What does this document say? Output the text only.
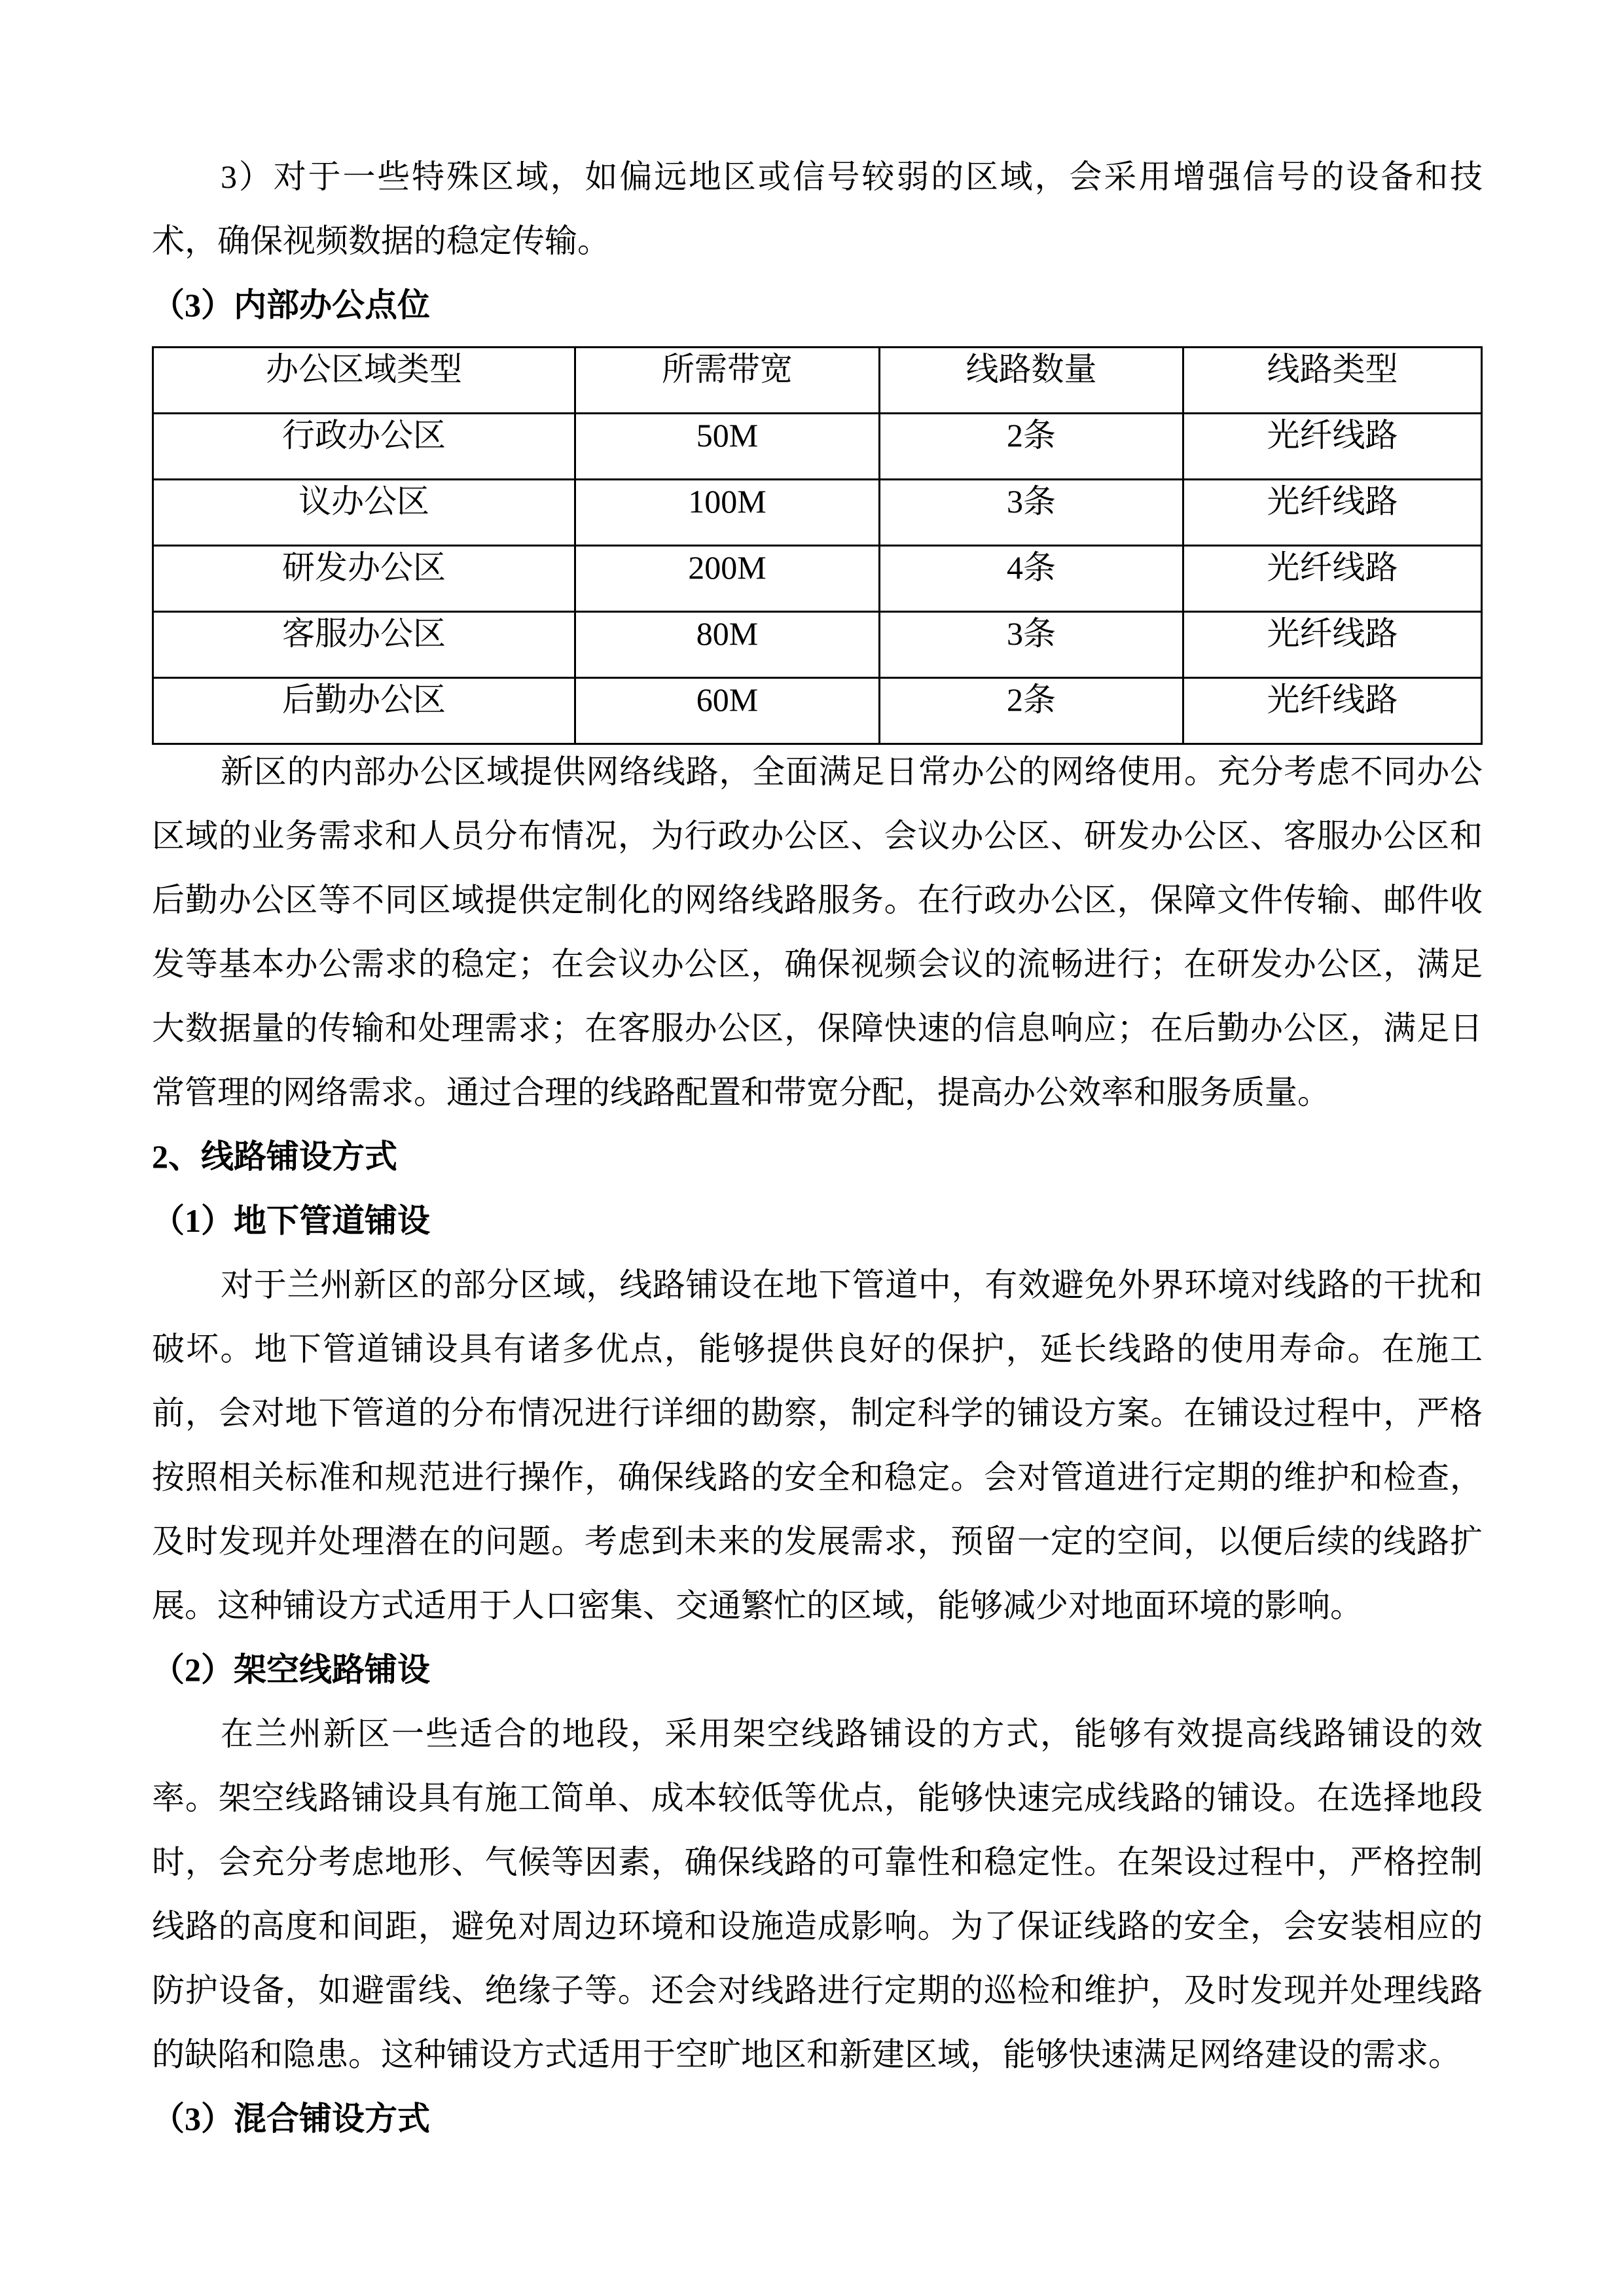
3）对于一些特殊区域，如偏远地区或信号较弱的区域，会采用增强信号的设备和技
术，确保视频数据的稳定传输。
（3）内部办公点位
办公区域类型	所需带宽	线路数量	线路类型
行政办公区	50M	2条	光纤线路
议办公区	100M	3条	光纤线路
研发办公区	200M	4条	光纤线路
客服办公区	80M	3条	光纤线路
后勤办公区	60M	2条	光纤线路
新区的内部办公区域提供网络线路，全面满足日常办公的网络使用。充分考虑不同办公
区域的业务需求和人员分布情况，为行政办公区、会议办公区、研发办公区、客服办公区和
后勤办公区等不同区域提供定制化的网络线路服务。在行政办公区，保障文件传输、邮件收
发等基本办公需求的稳定；在会议办公区，确保视频会议的流畅进行；在研发办公区，满足
大数据量的传输和处理需求；在客服办公区，保障快速的信息响应；在后勤办公区，满足日
常管理的网络需求。通过合理的线路配置和带宽分配，提高办公效率和服务质量。
2、线路铺设方式
（1）地下管道铺设
对于兰州新区的部分区域，线路铺设在地下管道中，有效避免外界环境对线路的干扰和
破坏。地下管道铺设具有诸多优点，能够提供良好的保护，延长线路的使用寿命。在施工
前，会对地下管道的分布情况进行详细的勘察，制定科学的铺设方案。在铺设过程中，严格
按照相关标准和规范进行操作，确保线路的安全和稳定。会对管道进行定期的维护和检查，
及时发现并处理潜在的问题。考虑到未来的发展需求，预留一定的空间，以便后续的线路扩
展。这种铺设方式适用于人口密集、交通繁忙的区域，能够减少对地面环境的影响。
（2）架空线路铺设
在兰州新区一些适合的地段，采用架空线路铺设的方式，能够有效提高线路铺设的效
率。架空线路铺设具有施工简单、成本较低等优点，能够快速完成线路的铺设。在选择地段
时，会充分考虑地形、气候等因素，确保线路的可靠性和稳定性。在架设过程中，严格控制
线路的高度和间距，避免对周边环境和设施造成影响。为了保证线路的安全，会安装相应的
防护设备，如避雷线、绝缘子等。还会对线路进行定期的巡检和维护，及时发现并处理线路
的缺陷和隐患。这种铺设方式适用于空旷地区和新建区域，能够快速满足网络建设的需求。
（3）混合铺设方式
